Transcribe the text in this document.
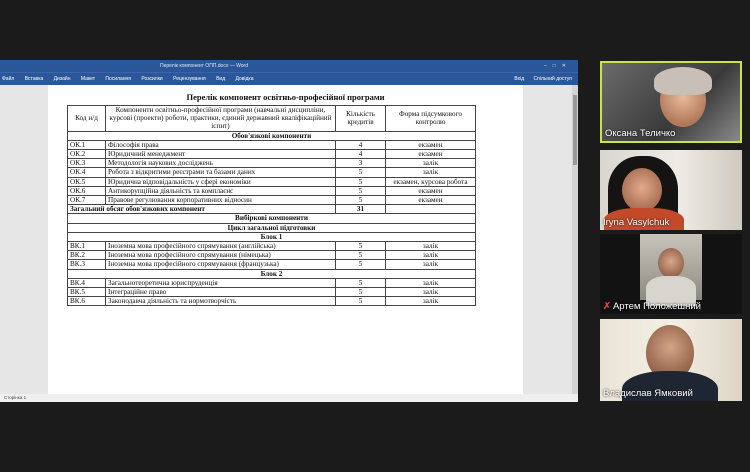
Перелік компонент ОПП.docx — Word	–□✕
Файл Вставка Дизайн Макет Посилання Розсилки Рецензування Вид Довідка	Вхід Спільний доступ
Перелік компонент освітньо-професійної програми
Код н/д	Компоненти освітньо-професійної програми (навчальні дисципліни, курсові (проекти) роботи, практики, єдиний державний кваліфікаційний іспит)	Кількість кредитів	Форма підсумкового контролю
Обов'язкові компоненти			
ОК.1	Філософія права	4	екзамен
ОК.2	Юридичний менеджмент	4	екзамен
ОК.3	Методологія наукових досліджень	3	залік
ОК.4	Робота з відкритими реєстрами та базами даних	5	залік
ОК.5	Юридична відповідальність у сфері економіки	5	екзамен, курсова робота
ОК.6	Антикорупційна діяльність та комплаєнс	5	екзамен
ОК.7	Правове регулювання корпоративних відносин	5	екзамен
Загальний обсяг обов'язкових компонент		31	
Вибіркові компоненти			
Цикл загальної підготовки			
Блок 1			
ВК.1	Іноземна мова професійного спрямування (англійська)	5	залік
ВК.2	Іноземна мова професійного спрямування (німецька)	5	залік
ВК.3	Іноземна мова професійного спрямування (французька)	5	залік
Блок 2			
ВК.4	Загальнотеоретична юриспруденція	5	залік
ВК.5	Інтеграційне право	5	залік
ВК.6	Законодавча діяльність та нормотворчість	5	залік
Сторінка 1
Оксана Теличко
Iryna Vasylchuk
✗ Артем Положешний
Владислав Ямковий
